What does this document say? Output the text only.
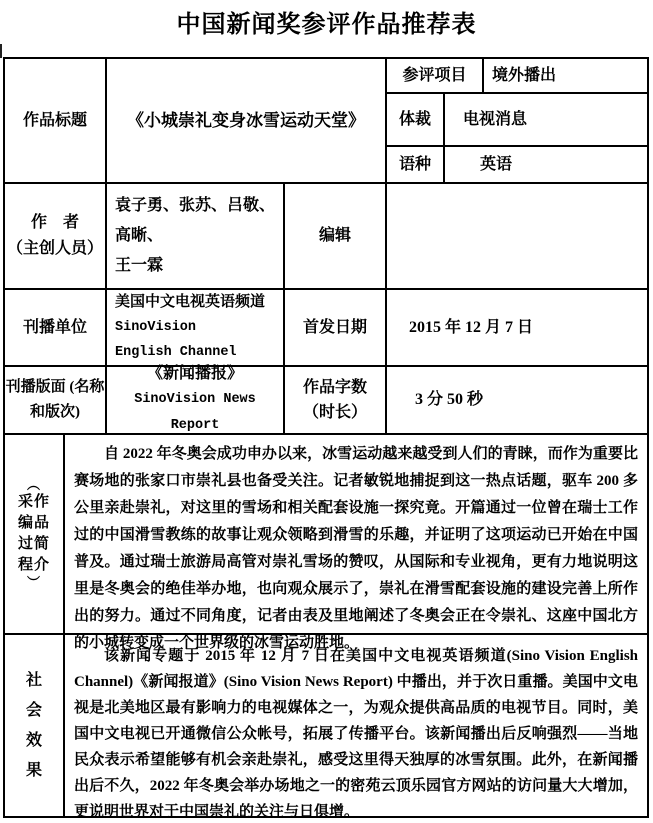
中国新闻奖参评作品推荐表
作品标题 《小城崇礼变身冰雪运动天堂》
参评项目 境外播出
体裁 电视消息
语种	英语
作　者
（主创人员）
袁子勇、张苏、吕敬、高晰、
王一霖
编辑
刊播单位
美国中文电视英语频道
SinoVision
English Channel
首发日期	2015 年 12 月 7 日
刊播版面 (名称
和版次)
《新闻播报》
SinoVision News Report
作品字数
（时长）
3 分 50 秒
︵
采作
编品
过简
程介
︶
自 2022 年冬奥会成功申办以来，冰雪运动越来越受到人们的青睐，而作为重要比赛场地的张家口市崇礼县也备受关注。记者敏锐地捕捉到这一热点话题，驱车 200 多公里亲赴崇礼，对这里的雪场和相关配套设施一探究竟。开篇通过一位曾在瑞士工作过的中国滑雪教练的故事让观众领略到滑雪的乐趣，并证明了这项运动已开始在中国普及。通过瑞士旅游局高管对崇礼雪场的赞叹，从国际和专业视角，更有力地说明这里是冬奥会的绝佳举办地，也向观众展示了，崇礼在滑雪配套设施的建设完善上所作出的努力。通过不同角度，记者由表及里地阐述了冬奥会正在令崇礼、这座中国北方的小城转变成一个世界级的冰雪运动胜地。
社
会
效
果
该新闻专题于 2015 年 12 月 7 日在美国中文电视英语频道(Sino Vision English Channel)《新闻报道》(Sino Vision News Report) 中播出，并于次日重播。美国中文电视是北美地区最有影响力的电视媒体之一，为观众提供高品质的电视节目。同时，美国中文电视已开通微信公众帐号，拓展了传播平台。该新闻播出后反响强烈——当地民众表示希望能够有机会亲赴崇礼，感受这里得天独厚的冰雪氛围。此外，在新闻播出后不久，2022 年冬奥会举办场地之一的密苑云顶乐园官方网站的访问量大大增加，更说明世界对于中国崇礼的关注与日俱增。
